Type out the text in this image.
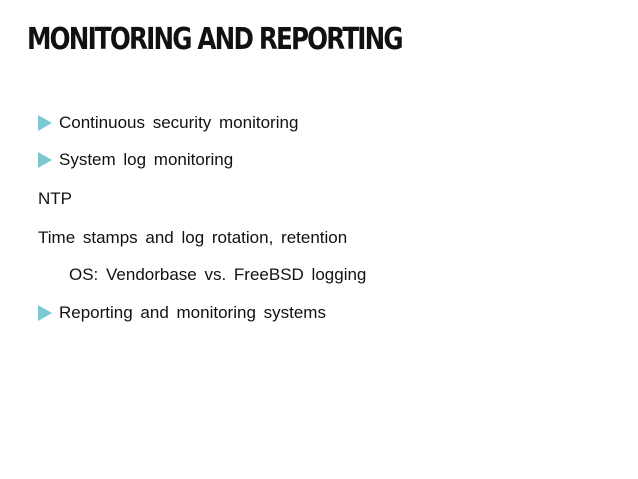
MONITORING AND REPORTING
Continuous security monitoring
System log monitoring
NTP
Time stamps and log rotation, retention
OS: Vendorbase vs. FreeBSD logging
Reporting and monitoring systems
